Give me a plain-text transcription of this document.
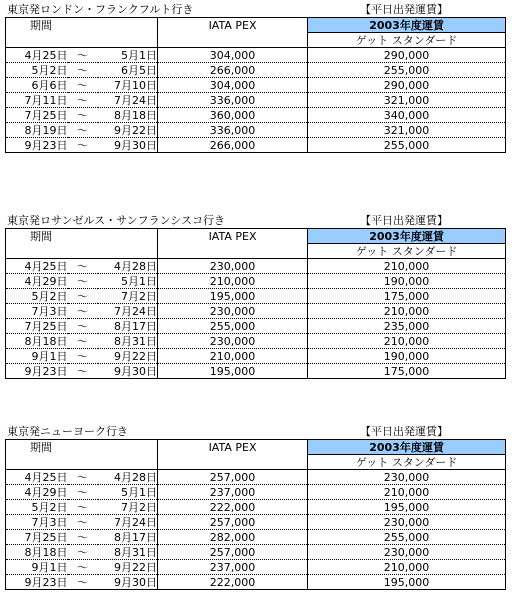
東京発ロンドン・フランクフルト行き	【平日出発運賃】
期間			IATA PEX	2003年度運賃
				ゲット スタンダード
4月25日	～	5月1日	304,000	290,000
5月2日	～	6月5日	266,000	255,000
6月6日	～	7月10日	304,000	290,000
7月11日	～	7月24日	336,000	321,000
7月25日	～	8月18日	360,000	340,000
8月19日	～	9月22日	336,000	321,000
9月23日	～	9月30日	266,000	255,000
東京発ロサンゼルス・サンフランシスコ行き	【平日出発運賃】
期間			IATA PEX	2003年度運賃
				ゲット スタンダード
4月25日	～	4月28日	230,000	210,000
4月29日	～	5月1日	210,000	190,000
5月2日	～	7月2日	195,000	175,000
7月3日	～	7月24日	230,000	210,000
7月25日	～	8月17日	255,000	235,000
8月18日	～	8月31日	230,000	210,000
9月1日	～	9月22日	210,000	190,000
9月23日	～	9月30日	195,000	175,000
東京発ニューヨーク行き	【平日出発運賃】
期間			IATA PEX	2003年度運賃
				ゲット スタンダード
4月25日	～	4月28日	257,000	230,000
4月29日	～	5月1日	237,000	210,000
5月2日	～	7月2日	222,000	195,000
7月3日	～	7月24日	257,000	230,000
7月25日	～	8月17日	282,000	255,000
8月18日	～	8月31日	257,000	230,000
9月1日	～	9月22日	237,000	210,000
9月23日	～	9月30日	222,000	195,000
